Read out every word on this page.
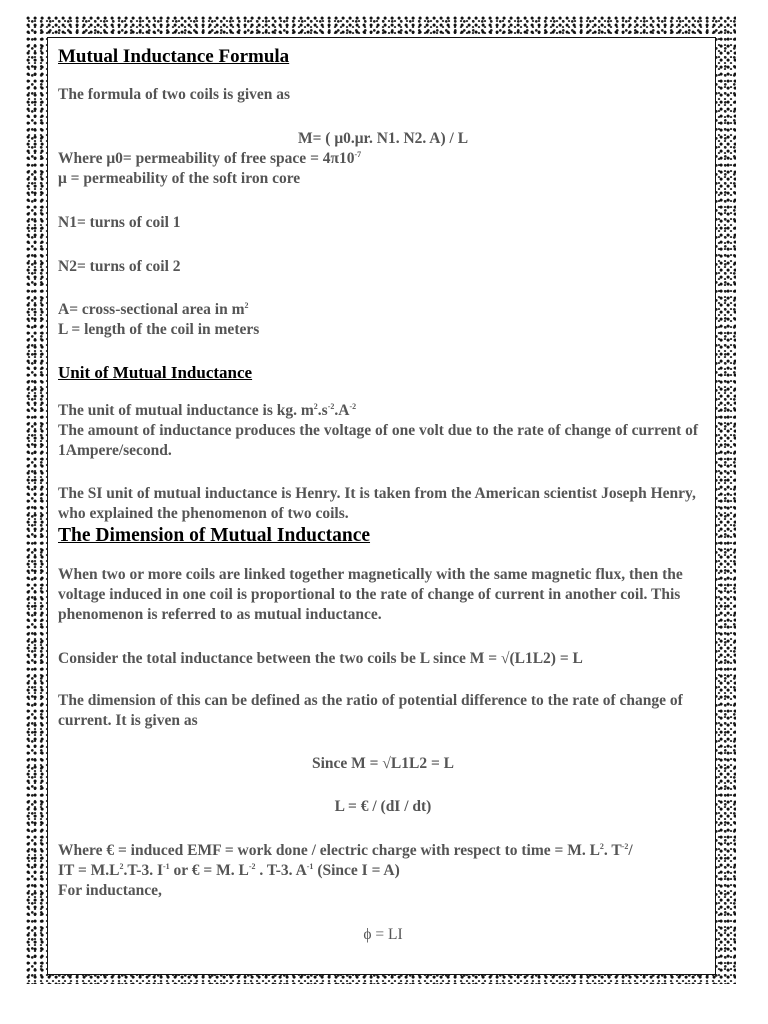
Mutual Inductance Formula
The formula of two coils is given as
M= ( μ0.μr. N1. N2. A) / L
Where μ0= permeability of free space = $4\pi 10^{-7}$
μ = permeability of the soft iron core
N1= turns of coil 1
N2= turns of coil 2
A= cross-sectional area in $m^2$
L = length of the coil in meters
Unit of Mutual Inductance
The unit of mutual inductance is kg. $m^2.s^{-2}.A^{-2}$
The amount of inductance produces the voltage of one volt due to the rate of change of current of 1Ampere/second.
The SI unit of mutual inductance is Henry. It is taken from the American scientist Joseph Henry, who explained the phenomenon of two coils.
The Dimension of Mutual Inductance
When two or more coils are linked together magnetically with the same magnetic flux, then the voltage induced in one coil is proportional to the rate of change of current in another coil. This phenomenon is referred to as mutual inductance.
Consider the total inductance between the two coils be L since M = √(L1L2) = L
The dimension of this can be defined as the ratio of potential difference to the rate of change of current. It is given as
Since M = √L1L2 = L
L = € / (dI / dt)
Where € = induced EMF = work done / electric charge with respect to time = M. $L^2$. $T^{-2}/$
IT = $M.L^2.T-3$. $I^{-1}$ or € = M. $L^{-2}$ . T-3. $A^{-1}$ (Since I = A)
For inductance,
ϕ = LI
